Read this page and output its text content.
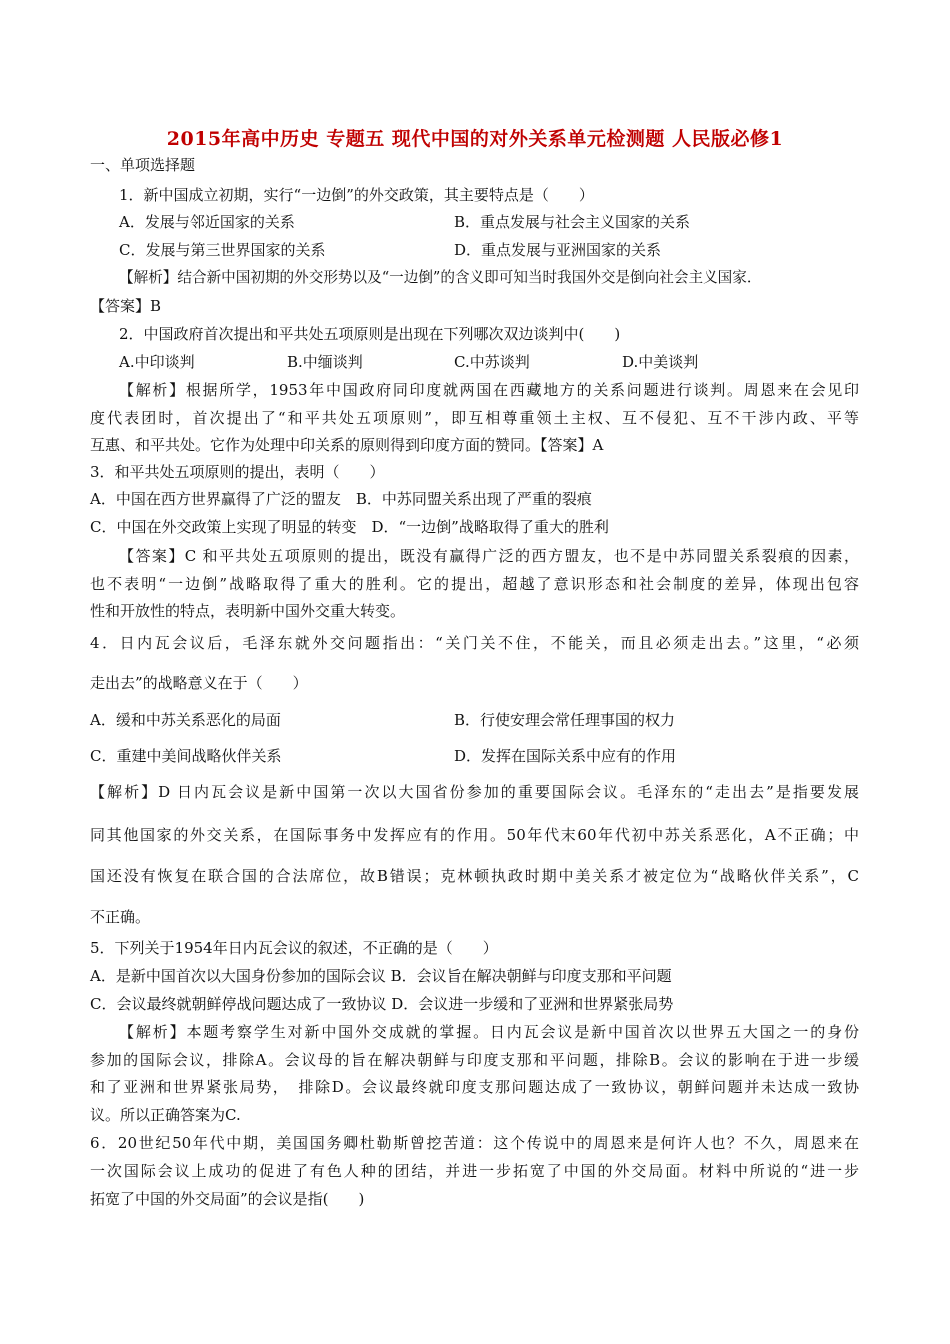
2015年高中历史 专题五 现代中国的对外关系单元检测题 人民版必修1
一、单项选择题
1．新中国成立初期，实行“一边倒”的外交政策，其主要特点是（　　）
A．发展与邻近国家的关系	B．重点发展与社会主义国家的关系
C．发展与第三世界国家的关系	D．重点发展与亚洲国家的关系
【解析】结合新中国初期的外交形势以及“一边倒”的含义即可知当时我国外交是倒向社会主义国家．
【答案】B
2．中国政府首次提出和平共处五项原则是出现在下列哪次双边谈判中(　　)
A.中印谈判	B.中缅谈判	C.中苏谈判	D.中美谈判
【解析】根据所学，1953年中国政府同印度就两国在西藏地方的关系问题进行谈判。周恩来在会见印
度代表团时，首次提出了“和平共处五项原则”，即互相尊重领土主权、互不侵犯、互不干涉内政、平等
互惠、和平共处。它作为处理中印关系的原则得到印度方面的赞同。【答案】A
3．和平共处五项原则的提出，表明（　　）
A．中国在西方世界赢得了广泛的盟友　B．中苏同盟关系出现了严重的裂痕
C．中国在外交政策上实现了明显的转变　D．“一边倒”战略取得了重大的胜利
【答案】C 和平共处五项原则的提出，既没有赢得广泛的西方盟友，也不是中苏同盟关系裂痕的因素，
也不表明“一边倒”战略取得了重大的胜利。它的提出，超越了意识形态和社会制度的差异，体现出包容
性和开放性的特点，表明新中国外交重大转变。
4．日内瓦会议后，毛泽东就外交问题指出：“关门关不住，不能关，而且必须走出去。”这里，“必须
走出去”的战略意义在于（　　）
A．缓和中苏关系恶化的局面	B．行使安理会常任理事国的权力
C．重建中美间战略伙伴关系	D．发挥在国际关系中应有的作用
【解析】D 日内瓦会议是新中国第一次以大国省份参加的重要国际会议。毛泽东的“走出去”是指要发展
同其他国家的外交关系，在国际事务中发挥应有的作用。50年代末60年代初中苏关系恶化，A不正确；中
国还没有恢复在联合国的合法席位，故B错误；克林顿执政时期中美关系才被定位为“战略伙伴关系”，C
不正确。
5．下列关于1954年日内瓦会议的叙述，不正确的是（　　）
A．是新中国首次以大国身份参加的国际会议 B．会议旨在解决朝鲜与印度支那和平问题
C．会议最终就朝鲜停战问题达成了一致协议 D．会议进一步缓和了亚洲和世界紧张局势
【解析】本题考察学生对新中国外交成就的掌握。日内瓦会议是新中国首次以世界五大国之一的身份
参加的国际会议，排除A。会议母的旨在解决朝鲜与印度支那和平问题，排除B。会议的影响在于进一步缓
和了亚洲和世界紧张局势，　排除D。会议最终就印度支那问题达成了一致协议，朝鲜问题并未达成一致协
议。所以正确答案为C.
6．20世纪50年代中期，美国国务卿杜勒斯曾挖苦道：这个传说中的周恩来是何许人也？不久，周恩来在
一次国际会议上成功的促进了有色人种的团结，并进一步拓宽了中国的外交局面。材料中所说的“进一步
拓宽了中国的外交局面”的会议是指(　　)
